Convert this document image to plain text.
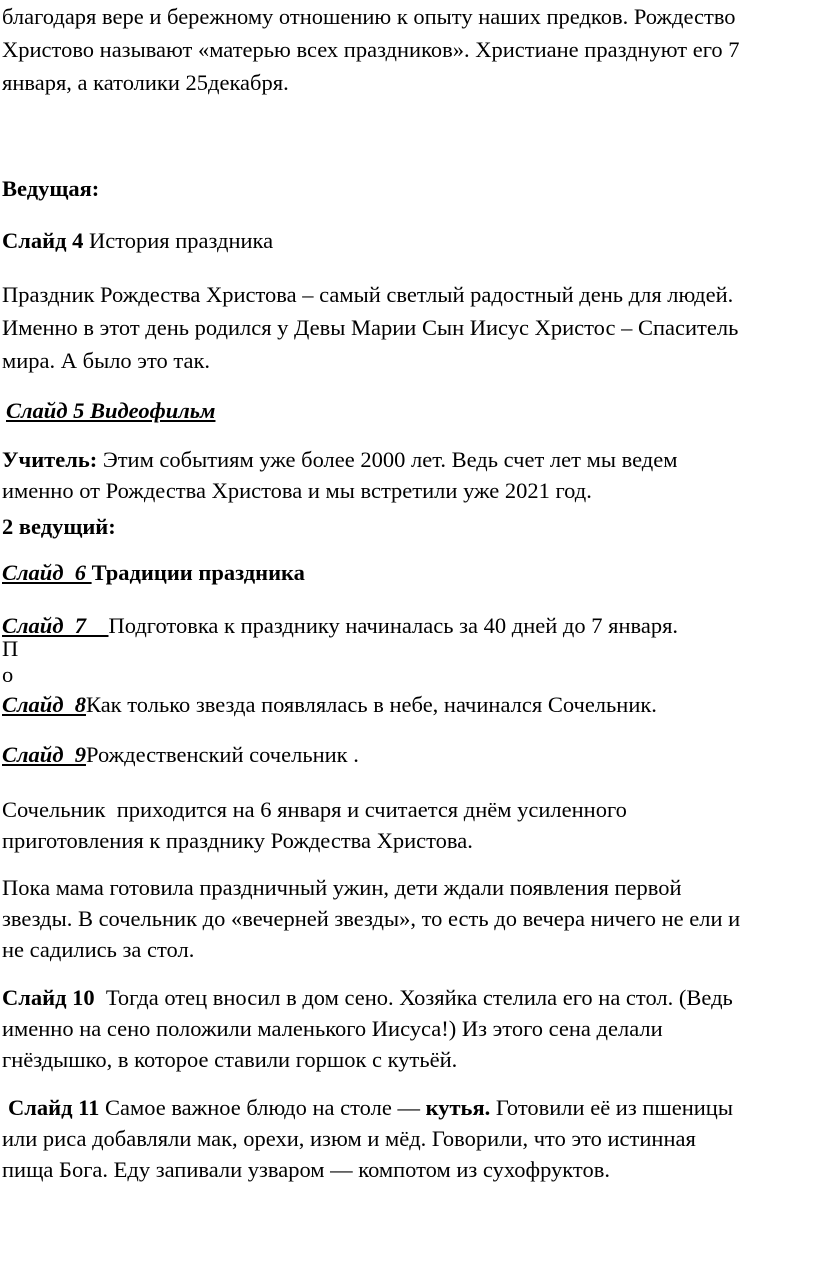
благодаря вере и бережному отношению к опыту наших предков. Рождество
Христово называют «матерью всех праздников». Христиане празднуют его 7
января, а католики 25декабря.

Ведущая:

Слайд 4 История праздника

Праздник Рождества Христова – самый светлый радостный день для людей.
Именно в этот день родился у Девы Марии Сын Иисус Христос – Спаситель
мира. А было это так.

Слайд 5 Видеофильм

Учитель: Этим событиям уже более 2000 лет. Ведь счет лет мы ведем
именно от Рождества Христова и мы встретили уже 2021 год.

2 ведущий:

Слайд  6 Традиции праздника

Слайд  7    Подготовка к празднику начиналась за 40 дней до 7 января.

П
о

Слайд  8Как только звезда появлялась в небе, начинался Сочельник.

Слайд  9Рождественский сочельник .

Сочельник  приходится на 6 января и считается днём усиленного
приготовления к празднику Рождества Христова.

Пока мама готовила праздничный ужин, дети ждали появления первой
звезды. В сочельник до «вечерней звезды», то есть до вечера ничего не ели и
не садились за стол.

Слайд 10  Тогда отец вносил в дом сено. Хозяйка стелила его на стол. (Ведь
именно на сено положили маленького Иисуса!) Из этого сена делали
гнёздышко, в которое ставили горшок с кутьёй.

Слайд 11 Самое важное блюдо на столе — кутья. Готовили её из пшеницы
или риса добавляли мак, орехи, изюм и мёд. Говорили, что это истинная
пища Бога. Еду запивали узваром — компотом из сухофруктов.
